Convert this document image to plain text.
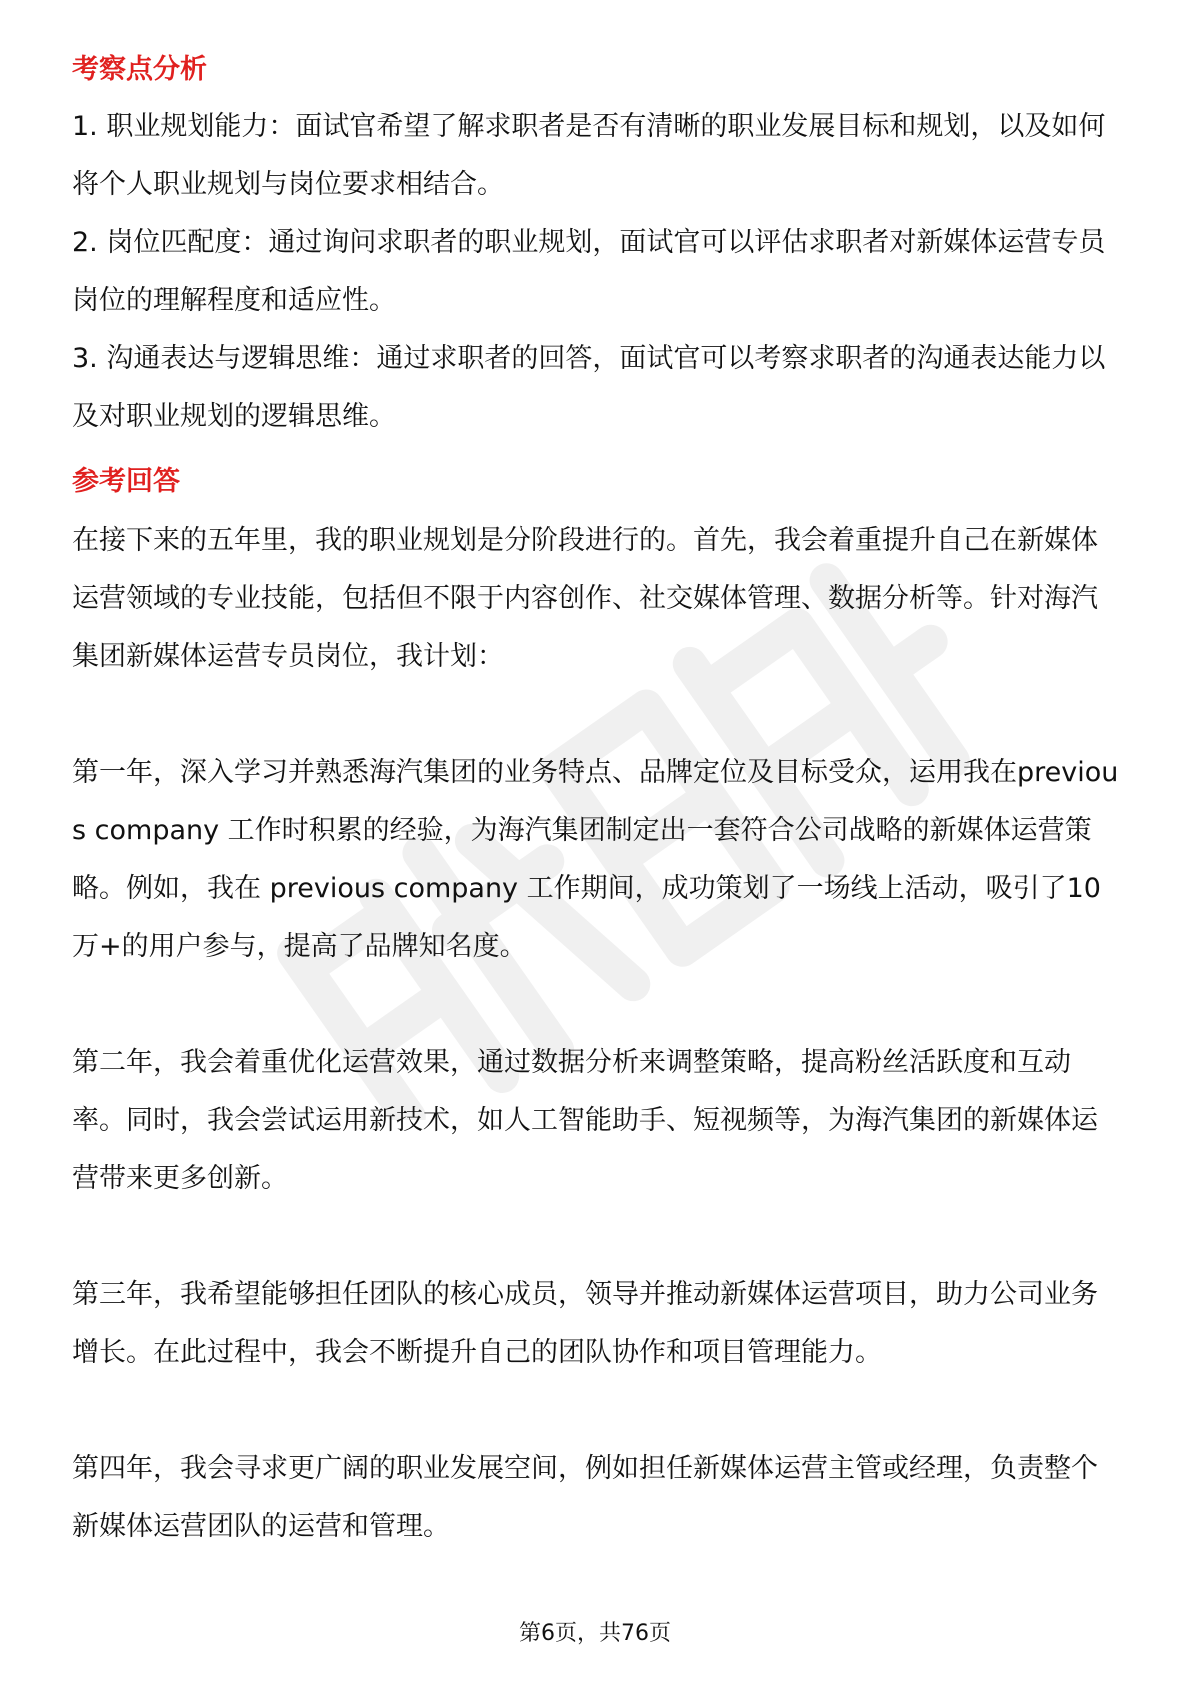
考察点分析

1. 职业规划能力：面试官希望了解求职者是否有清晰的职业发展目标和规划，以及如何将个人职业规划与岗位要求相结合。

2. 岗位匹配度：通过询问求职者的职业规划，面试官可以评估求职者对新媒体运营专员岗位的理解程度和适应性。

3. 沟通表达与逻辑思维：通过求职者的回答，面试官可以考察求职者的沟通表达能力以及对职业规划的逻辑思维。

参考回答

在接下来的五年里，我的职业规划是分阶段进行的。首先，我会着重提升自己在新媒体运营领域的专业技能，包括但不限于内容创作、社交媒体管理、数据分析等。针对海汽集团新媒体运营专员岗位，我计划：

第一年，深入学习并熟悉海汽集团的业务特点、品牌定位及目标受众，运用我在previous company 工作时积累的经验，为海汽集团制定出一套符合公司战略的新媒体运营策略。例如，我在 previous company 工作期间，成功策划了一场线上活动，吸引了10万+的用户参与，提高了品牌知名度。

第二年，我会着重优化运营效果，通过数据分析来调整策略，提高粉丝活跃度和互动率。同时，我会尝试运用新技术，如人工智能助手、短视频等，为海汽集团的新媒体运营带来更多创新。

第三年，我希望能够担任团队的核心成员，领导并推动新媒体运营项目，助力公司业务增长。在此过程中，我会不断提升自己的团队协作和项目管理能力。

第四年，我会寻求更广阔的职业发展空间，例如担任新媒体运营主管或经理，负责整个新媒体运营团队的运营和管理。

第6页，共76页
